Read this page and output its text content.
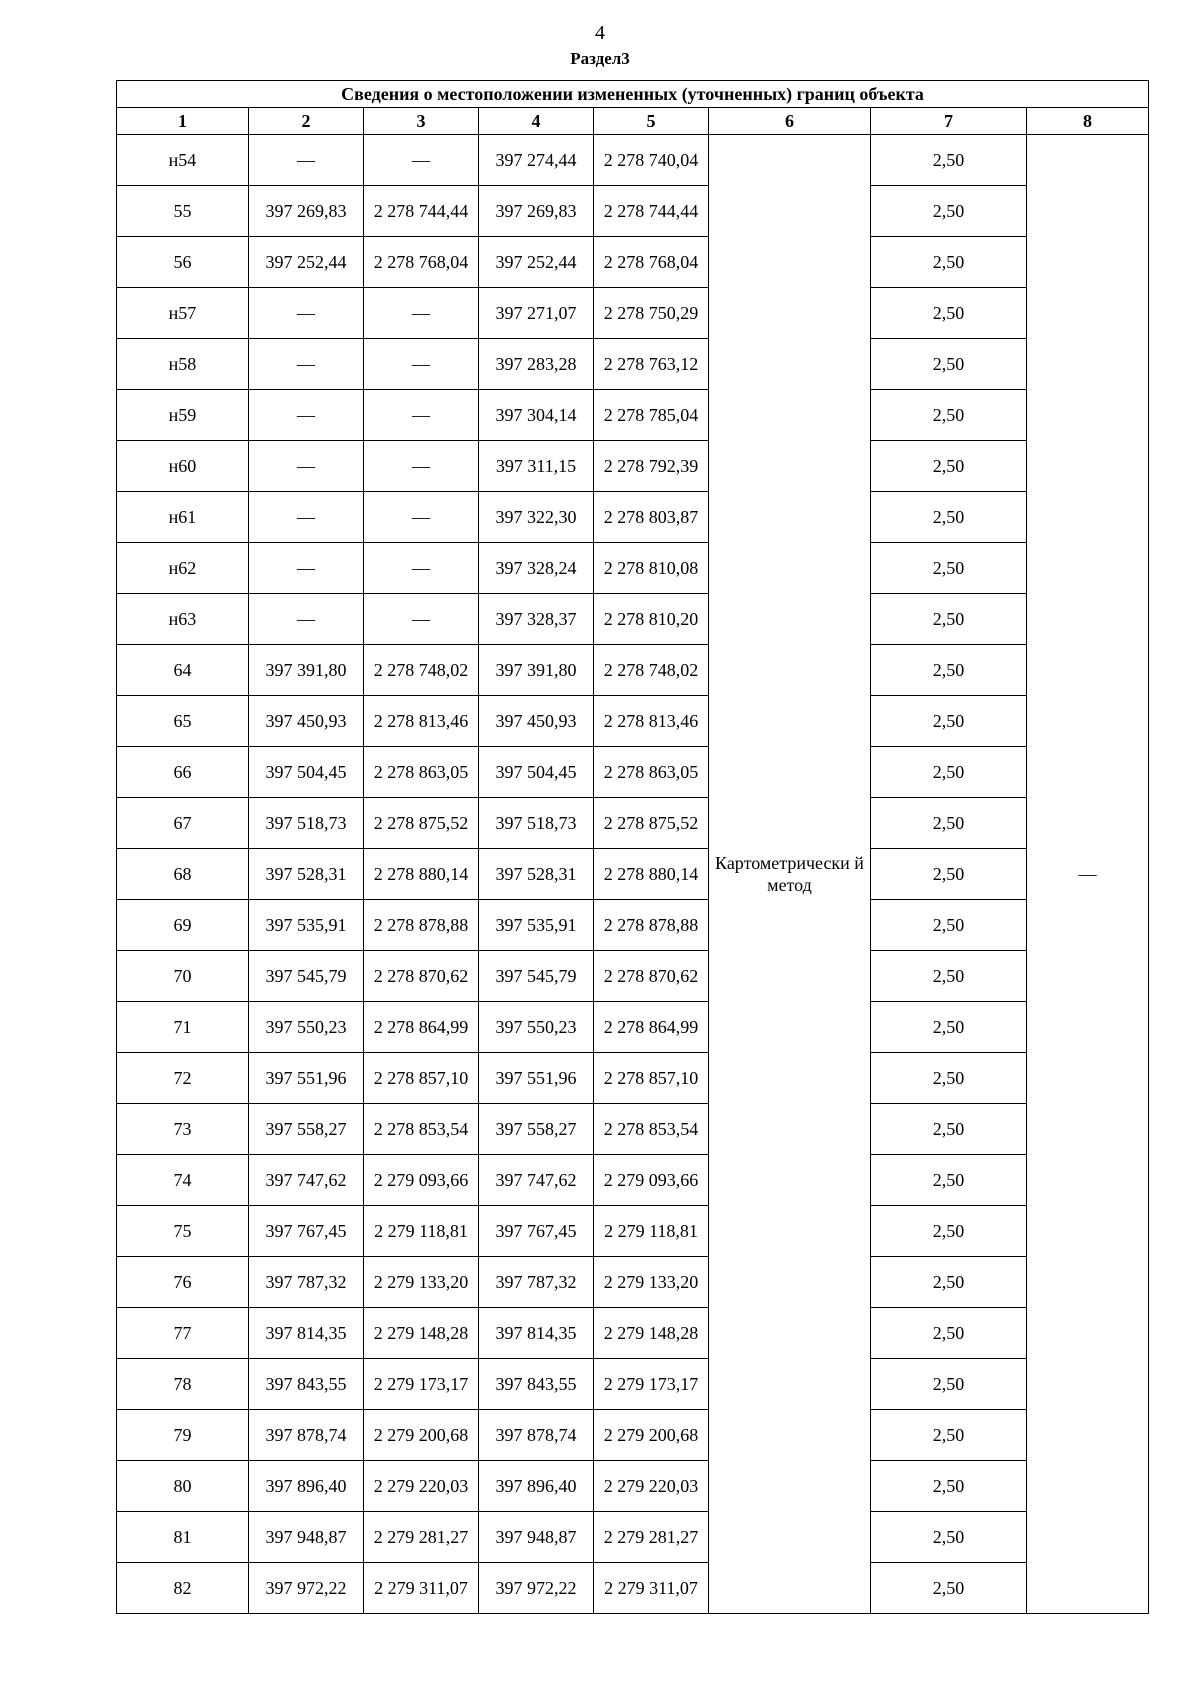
4
Раздел3
Сведения о местоположении измененных (уточненных) границ объекта							
1	2	3	4	5	6	7	8
н54	—	—	397 274,44	2 278 740,04	Картометрически й метод	2,50	—
55	397 269,83	2 278 744,44	397 269,83	2 278 744,44		2,50	
56	397 252,44	2 278 768,04	397 252,44	2 278 768,04		2,50	
н57	—	—	397 271,07	2 278 750,29		2,50	
н58	—	—	397 283,28	2 278 763,12		2,50	
н59	—	—	397 304,14	2 278 785,04		2,50	
н60	—	—	397 311,15	2 278 792,39		2,50	
н61	—	—	397 322,30	2 278 803,87		2,50	
н62	—	—	397 328,24	2 278 810,08		2,50	
н63	—	—	397 328,37	2 278 810,20		2,50	
64	397 391,80	2 278 748,02	397 391,80	2 278 748,02		2,50	
65	397 450,93	2 278 813,46	397 450,93	2 278 813,46		2,50	
66	397 504,45	2 278 863,05	397 504,45	2 278 863,05		2,50	
67	397 518,73	2 278 875,52	397 518,73	2 278 875,52		2,50	
68	397 528,31	2 278 880,14	397 528,31	2 278 880,14		2,50	
69	397 535,91	2 278 878,88	397 535,91	2 278 878,88		2,50	
70	397 545,79	2 278 870,62	397 545,79	2 278 870,62		2,50	
71	397 550,23	2 278 864,99	397 550,23	2 278 864,99		2,50	
72	397 551,96	2 278 857,10	397 551,96	2 278 857,10		2,50	
73	397 558,27	2 278 853,54	397 558,27	2 278 853,54		2,50	
74	397 747,62	2 279 093,66	397 747,62	2 279 093,66		2,50	
75	397 767,45	2 279 118,81	397 767,45	2 279 118,81		2,50	
76	397 787,32	2 279 133,20	397 787,32	2 279 133,20		2,50	
77	397 814,35	2 279 148,28	397 814,35	2 279 148,28		2,50	
78	397 843,55	2 279 173,17	397 843,55	2 279 173,17		2,50	
79	397 878,74	2 279 200,68	397 878,74	2 279 200,68		2,50	
80	397 896,40	2 279 220,03	397 896,40	2 279 220,03		2,50	
81	397 948,87	2 279 281,27	397 948,87	2 279 281,27		2,50	
82	397 972,22	2 279 311,07	397 972,22	2 279 311,07		2,50	
